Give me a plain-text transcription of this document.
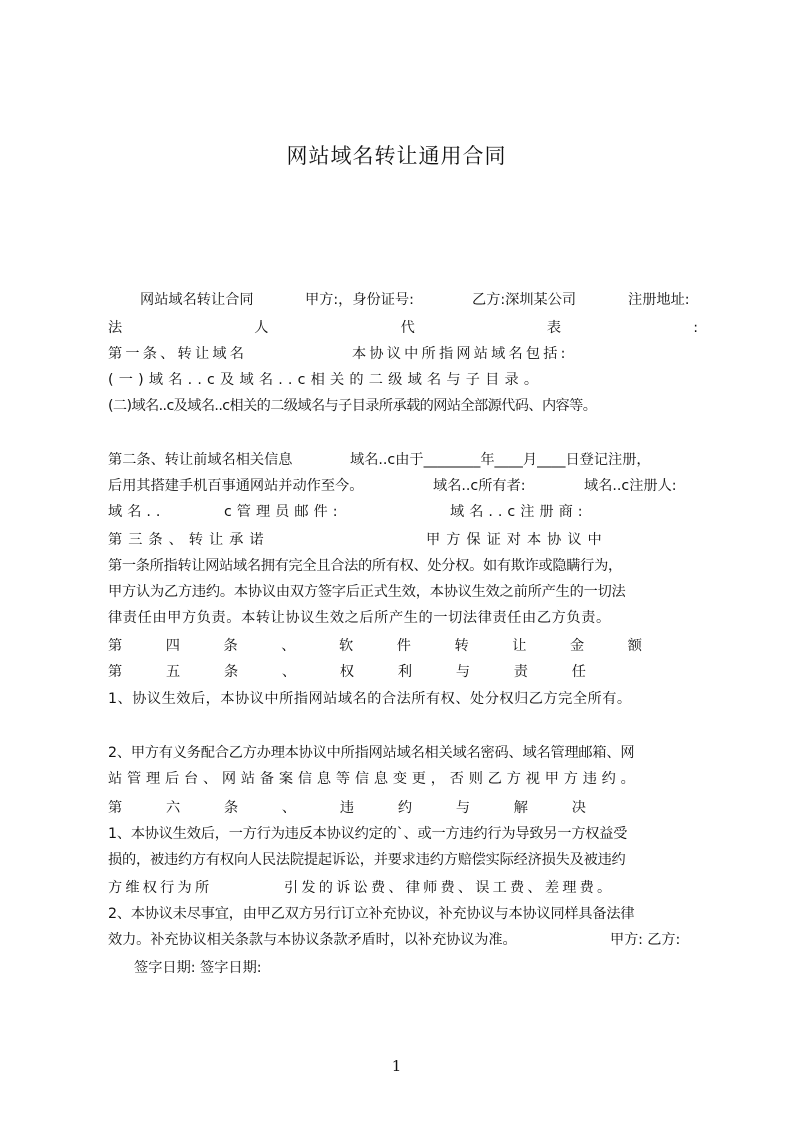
网站域名转让通用合同
网站域名转让合同	甲方:，身份证号:	乙方:深圳某公司	注册地址:
法	人	代	表	:
第一条、转让域名	本协议中所指网站域名包括:
(一)域名..c及域名..c相关的二级域名与子目录。
(二)域名..c及域名..c相关的二级域名与子目录所承载的网站全部源代码、内容等。
第二条、转让前域名相关信息	域名..c由于________年____月____日登记注册，
后用其搭建手机百事通网站并动作至今。	域名..c所有者:	域名..c注册人:
域名..	c管理员邮件:	域名..c注册商:
第三条、转让承诺	甲方保证对本协议中
第一条所指转让网站域名拥有完全且合法的所有权、处分权。如有欺诈或隐瞒行为，
甲方认为乙方违约。本协议由双方签字后正式生效，本协议生效之前所产生的一切法
律责任由甲方负责。本转让协议生效之后所产生的一切法律责任由乙方负责。
第	四	条	、	软	件	转	让	金	额
第	五	条	、	权	利	与	责	任
1、协议生效后，本协议中所指网站域名的合法所有权、处分权归乙方完全所有。
2、甲方有义务配合乙方办理本协议中所指网站域名相关域名密码、域名管理邮箱、网
站管理后台、网站备案信息等信息变更，否则乙方视甲方违约。
第	六	条	、	违	约	与	解	决
1、本协议生效后，一方行为违反本协议约定的`、或一方违约行为导致另一方权益受
损的，被违约方有权向人民法院提起诉讼，并要求违约方赔偿实际经济损失及被违约
方维权行为所	引发的诉讼费、律师费、误工费、差理费。
2、本协议未尽事宜，由甲乙双方另行订立补充协议，补充协议与本协议同样具备法律
效力。补充协议相关条款与本协议条款矛盾时，以补充协议为准。	甲方: 乙方:
签字日期: 签字日期:
1
